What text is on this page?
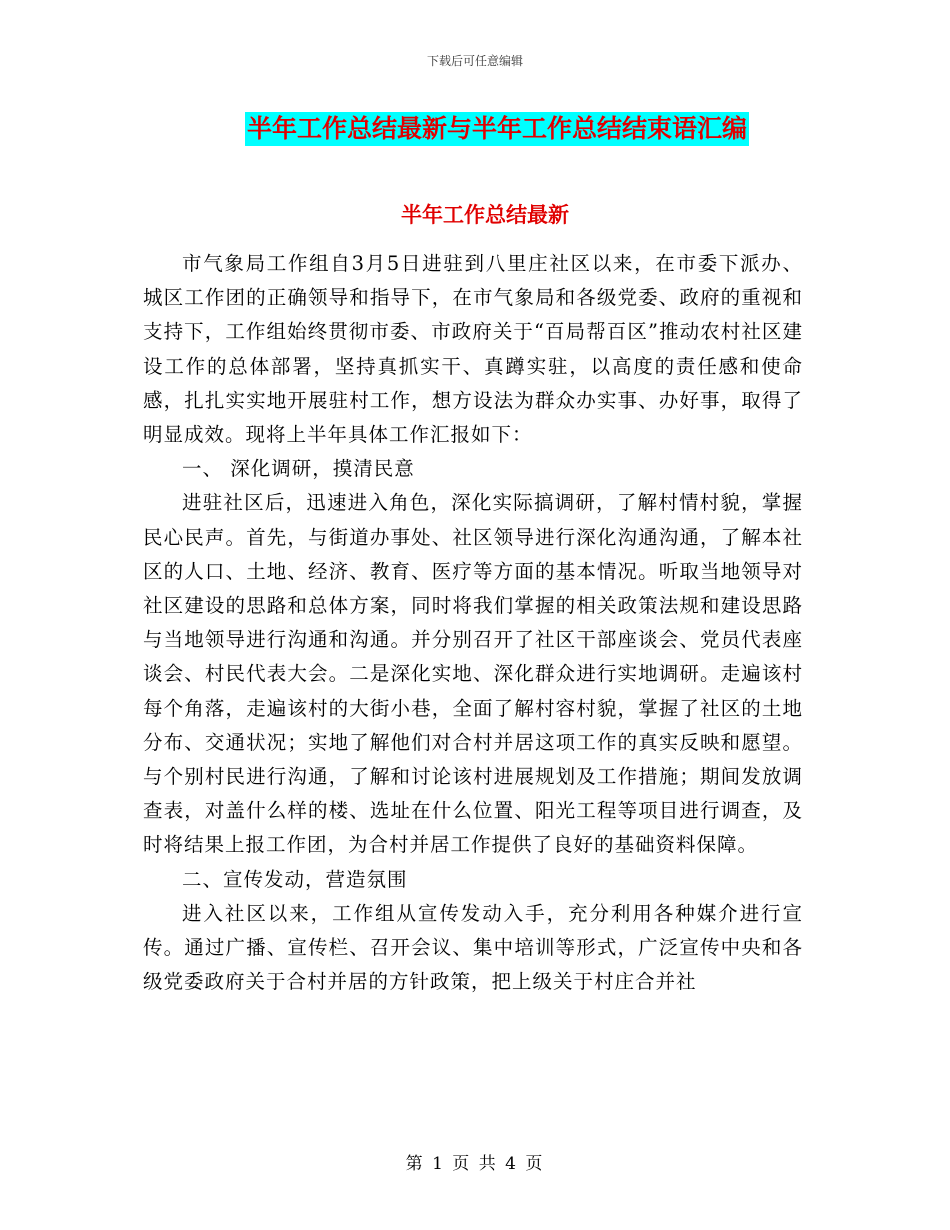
下载后可任意编辑
半年工作总结最新与半年工作总结结束语汇编
半年工作总结最新

市气象局工作组自3月5日进驻到八里庄社区以来，在市委下派办、城区工作团的正确领导和指导下，在市气象局和各级党委、政府的重视和支持下，工作组始终贯彻市委、市政府关于“百局帮百区”推动农村社区建设工作的总体部署，坚持真抓实干、真蹲实驻，以高度的责任感和使命感，扎扎实实地开展驻村工作，想方设法为群众办实事、办好事，取得了明显成效。现将上半年具体工作汇报如下：

一、 深化调研，摸清民意

进驻社区后，迅速进入角色，深化实际搞调研，了解村情村貌，掌握民心民声。首先，与街道办事处、社区领导进行深化沟通沟通，了解本社区的人口、土地、经济、教育、医疗等方面的基本情况。听取当地领导对社区建设的思路和总体方案，同时将我们掌握的相关政策法规和建设思路与当地领导进行沟通和沟通。并分别召开了社区干部座谈会、党员代表座谈会、村民代表大会。二是深化实地、深化群众进行实地调研。走遍该村每个角落，走遍该村的大街小巷，全面了解村容村貌，掌握了社区的土地分布、交通状况；实地了解他们对合村并居这项工作的真实反映和愿望。与个别村民进行沟通，了解和讨论该村进展规划及工作措施；期间发放调查表，对盖什么样的楼、选址在什么位置、阳光工程等项目进行调查，及时将结果上报工作团，为合村并居工作提供了良好的基础资料保障。

二、宣传发动，营造氛围

进入社区以来，工作组从宣传发动入手，充分利用各种媒介进行宣传。通过广播、宣传栏、召开会议、集中培训等形式，广泛宣传中央和各级党委政府关于合村并居的方针政策，把上级关于村庄合并社

第 1 页 共 4 页
